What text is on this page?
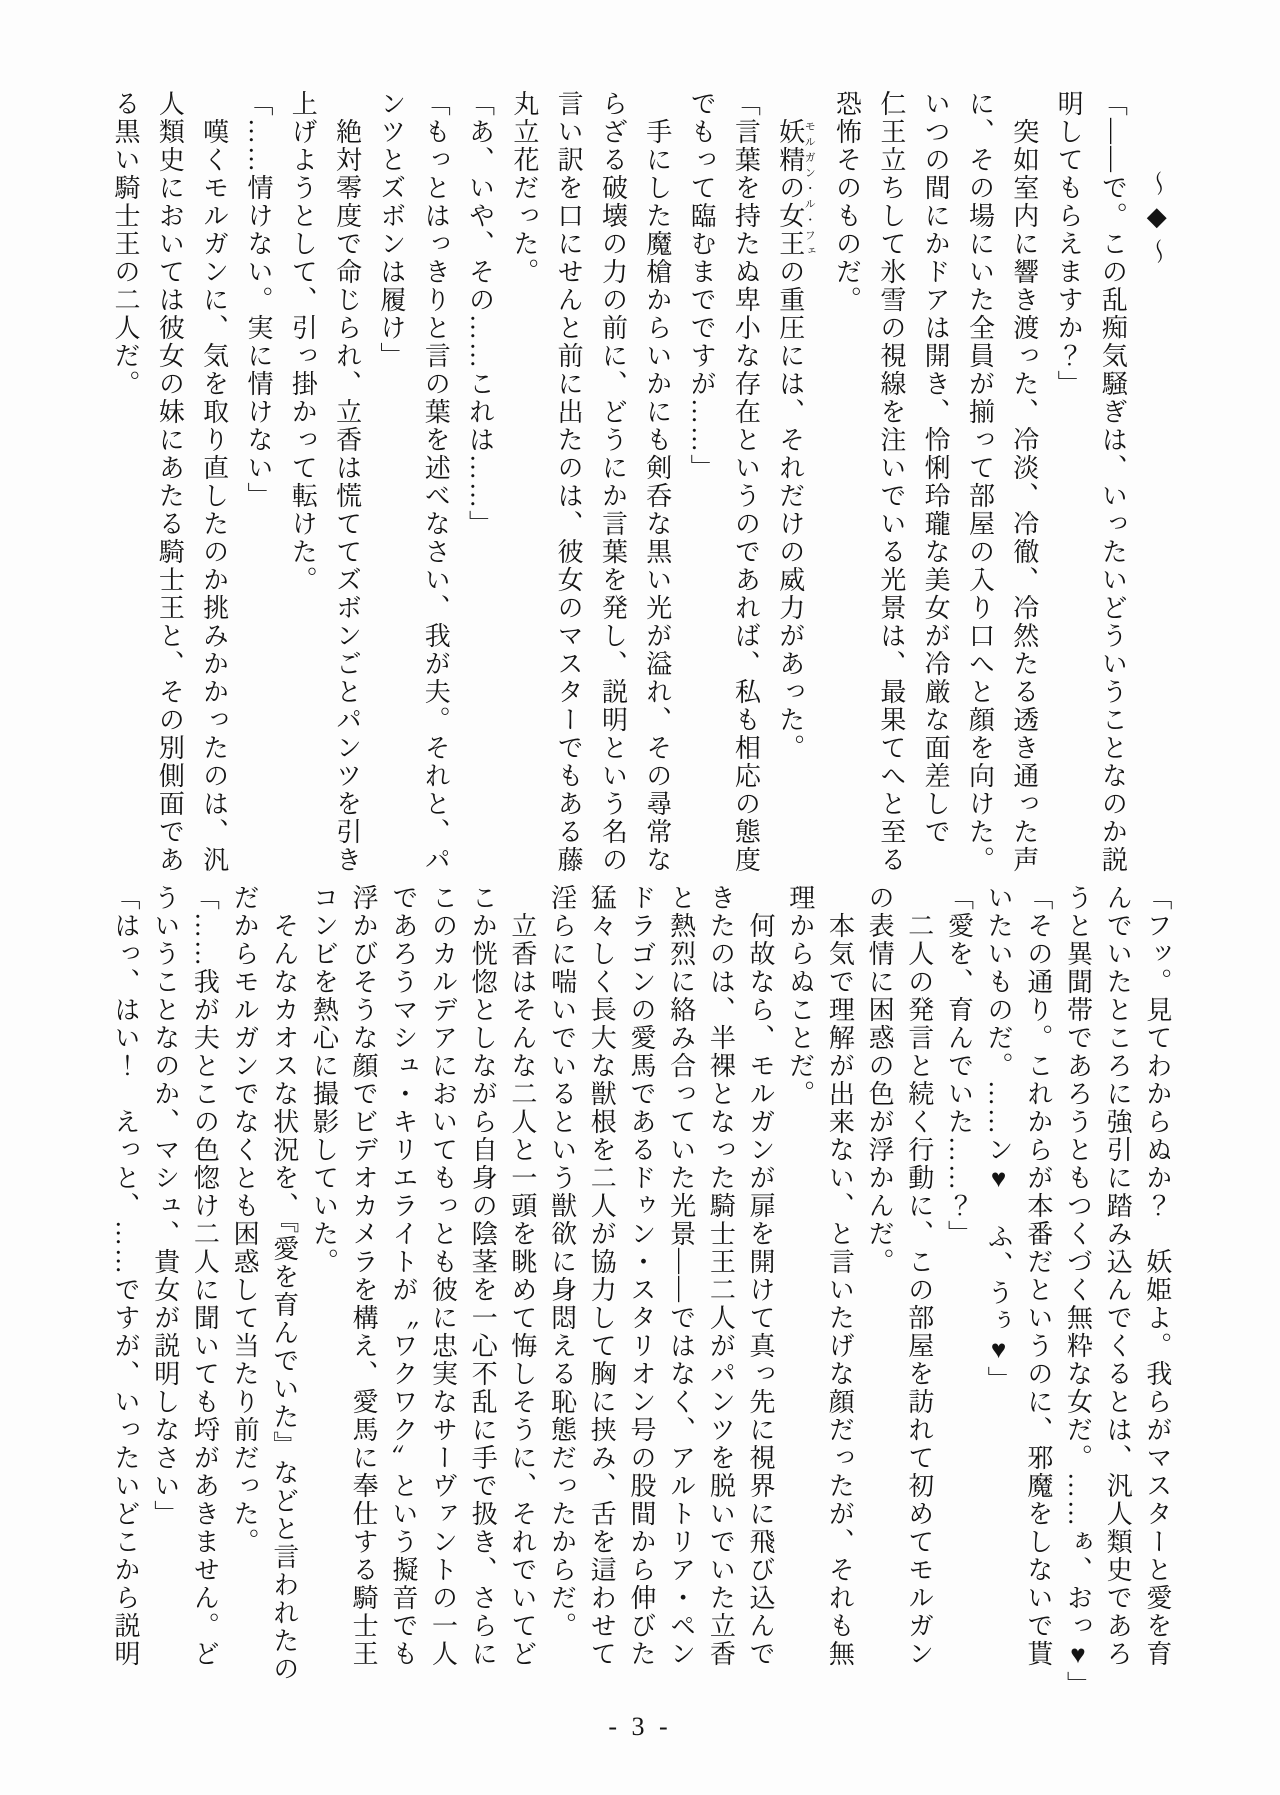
〜◆〜

「――で。この乱痴気騒ぎは、いったいどういうことなのか説

明してもらえますか？」

　突如室内に響き渡った、冷淡、冷徹、冷然たる透き通った声

に、その場にいた全員が揃って部屋の入り口へと顔を向けた。

いつの間にかドアは開き、怜悧玲瓏な美女が冷厳な面差しで

仁王立ちして氷雪の視線を注いでいる光景は、最果てへと至る

恐怖そのものだ。

　妖精の女王モルガン・ル・フェの重圧には、それだけの威力があった。

「言葉を持たぬ卑小な存在というのであれば、私も相応の態度

でもって臨むまでですが……」

　手にした魔槍からいかにも剣呑な黒い光が溢れ、その尋常な

らざる破壊の力の前に、どうにか言葉を発し、説明という名の

言い訳を口にせんと前に出たのは、彼女のマスターでもある藤

丸立花だった。

「あ、いや、その……これは……」

「もっとはっきりと言の葉を述べなさい、我が夫。それと、パ

ンツとズボンは履け」

　絶対零度で命じられ、立香は慌ててズボンごとパンツを引き

上げようとして、引っ掛かって転けた。

「……情けない。実に情けない」

　嘆くモルガンに、気を取り直したのか挑みかかったのは、汎

人類史においては彼女の妹にあたる騎士王と、その別側面であ

る黒い騎士王の二人だ。

「フッ。見てわからぬか？　妖姫よ。我らがマスターと愛を育

んでいたところに強引に踏み込んでくるとは、汎人類史であろ

うと異聞帯であろうともつくづく無粋な女だ。……ぁ、おっ♥」

「その通り。これからが本番だというのに、邪魔をしないで貰

いたいものだ。……ン♥　ふ、うぅ♥」

「愛を、育んでいた……？」

　二人の発言と続く行動に、この部屋を訪れて初めてモルガン

の表情に困惑の色が浮かんだ。

　本気で理解が出来ない、と言いたげな顔だったが、それも無

理からぬことだ。

　何故なら、モルガンが扉を開けて真っ先に視界に飛び込んで

きたのは、半裸となった騎士王二人がパンツを脱いでいた立香

と熱烈に絡み合っていた光景――ではなく、アルトリア・ペン

ドラゴンの愛馬であるドゥン・スタリオン号の股間から伸びた

猛々しく長大な獣根を二人が協力して胸に挟み、舌を這わせて

淫らに喘いでいるという獣欲に身悶える恥態だったからだ。

　立香はそんな二人と一頭を眺めて悔しそうに、それでいてど

こか恍惚としながら自身の陰茎を一心不乱に手で扱き、さらに

このカルデアにおいてもっとも彼に忠実なサーヴァントの一人

であろうマシュ・キリエライトが〝ワクワク〟という擬音でも

浮かびそうな顔でビデオカメラを構え、愛馬に奉仕する騎士王

コンビを熱心に撮影していた。

　そんなカオスな状況を、『愛を育んでいた』などと言われたの

だからモルガンでなくとも困惑して当たり前だった。

「……我が夫とこの色惚け二人に聞いても埒があきません。ど

ういうことなのか、マシュ、貴女が説明しなさい」

「はっ、はい！　えっと、……ですが、いったいどこから説明

- 3 -
